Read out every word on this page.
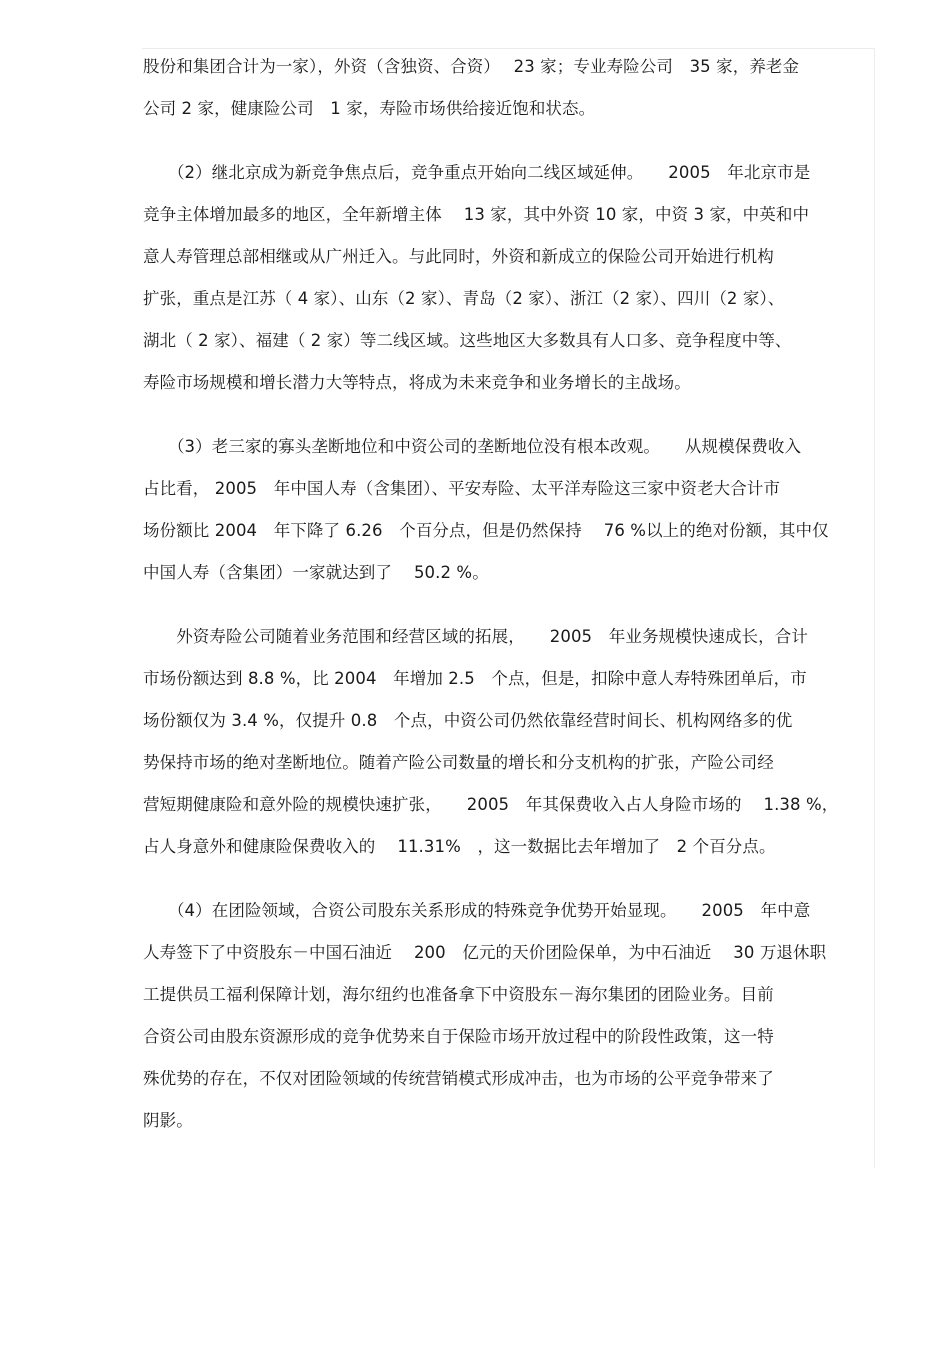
股份和集团合计为一家），外资（含独资、合资）　 23 家；专业寿险公司　35 家，养老金
公司 2 家，健康险公司　1 家，寿险市场供给接近饱和状态。

　　（2）继北京成为新竞争焦点后，竞争重点开始向二线区域延伸。　　2005　年北京市是
竞争主体增加最多的地区，全年新增主体　 13 家，其中外资 10 家，中资 3 家，中英和中
意人寿管理总部相继或从广州迁入。与此同时，外资和新成立的保险公司开始进行机构
扩张，重点是江苏（ 4 家）、山东（2 家）、青岛（2 家）、浙江（2 家）、四川（2 家）、
湖北（ 2 家）、福建（ 2 家）等二线区域。这些地区大多数具有人口多、竞争程度中等、
寿险市场规模和增长潜力大等特点，将成为未来竞争和业务增长的主战场。

　　（3）老三家的寡头垄断地位和中资公司的垄断地位没有根本改观。　　从规模保费收入
占比看， 2005　年中国人寿（含集团）、平安寿险、太平洋寿险这三家中资老大合计市
场份额比 2004　年下降了 6.26　个百分点，但是仍然保持　 76 %以上的绝对份额，其中仅
中国人寿（含集团）一家就达到了　 50.2 %。

　　外资寿险公司随着业务范围和经营区域的拓展，　　2005　年业务规模快速成长，合计
市场份额达到 8.8 %，比 2004　年增加 2.5　个点，但是，扣除中意人寿特殊团单后，市
场份额仅为 3.4 %，仅提升 0.8　个点，中资公司仍然依靠经营时间长、机构网络多的优
势保持市场的绝对垄断地位。随着产险公司数量的增长和分支机构的扩张，产险公司经
营短期健康险和意外险的规模快速扩张，　　2005　年其保费收入占人身险市场的　 1.38 %，
占人身意外和健康险保费收入的　 11.31%　，这一数据比去年增加了　2 个百分点。

　　（4）在团险领域，合资公司股东关系形成的特殊竞争优势开始显现。　　2005　年中意
人寿签下了中资股东－中国石油近　 200　亿元的天价团险保单，为中石油近　 30 万退休职
工提供员工福利保障计划，海尔纽约也准备拿下中资股东－海尔集团的团险业务。目前
合资公司由股东资源形成的竞争优势来自于保险市场开放过程中的阶段性政策，这一特
殊优势的存在，不仅对团险领域的传统营销模式形成冲击，也为市场的公平竞争带来了
阴影。
